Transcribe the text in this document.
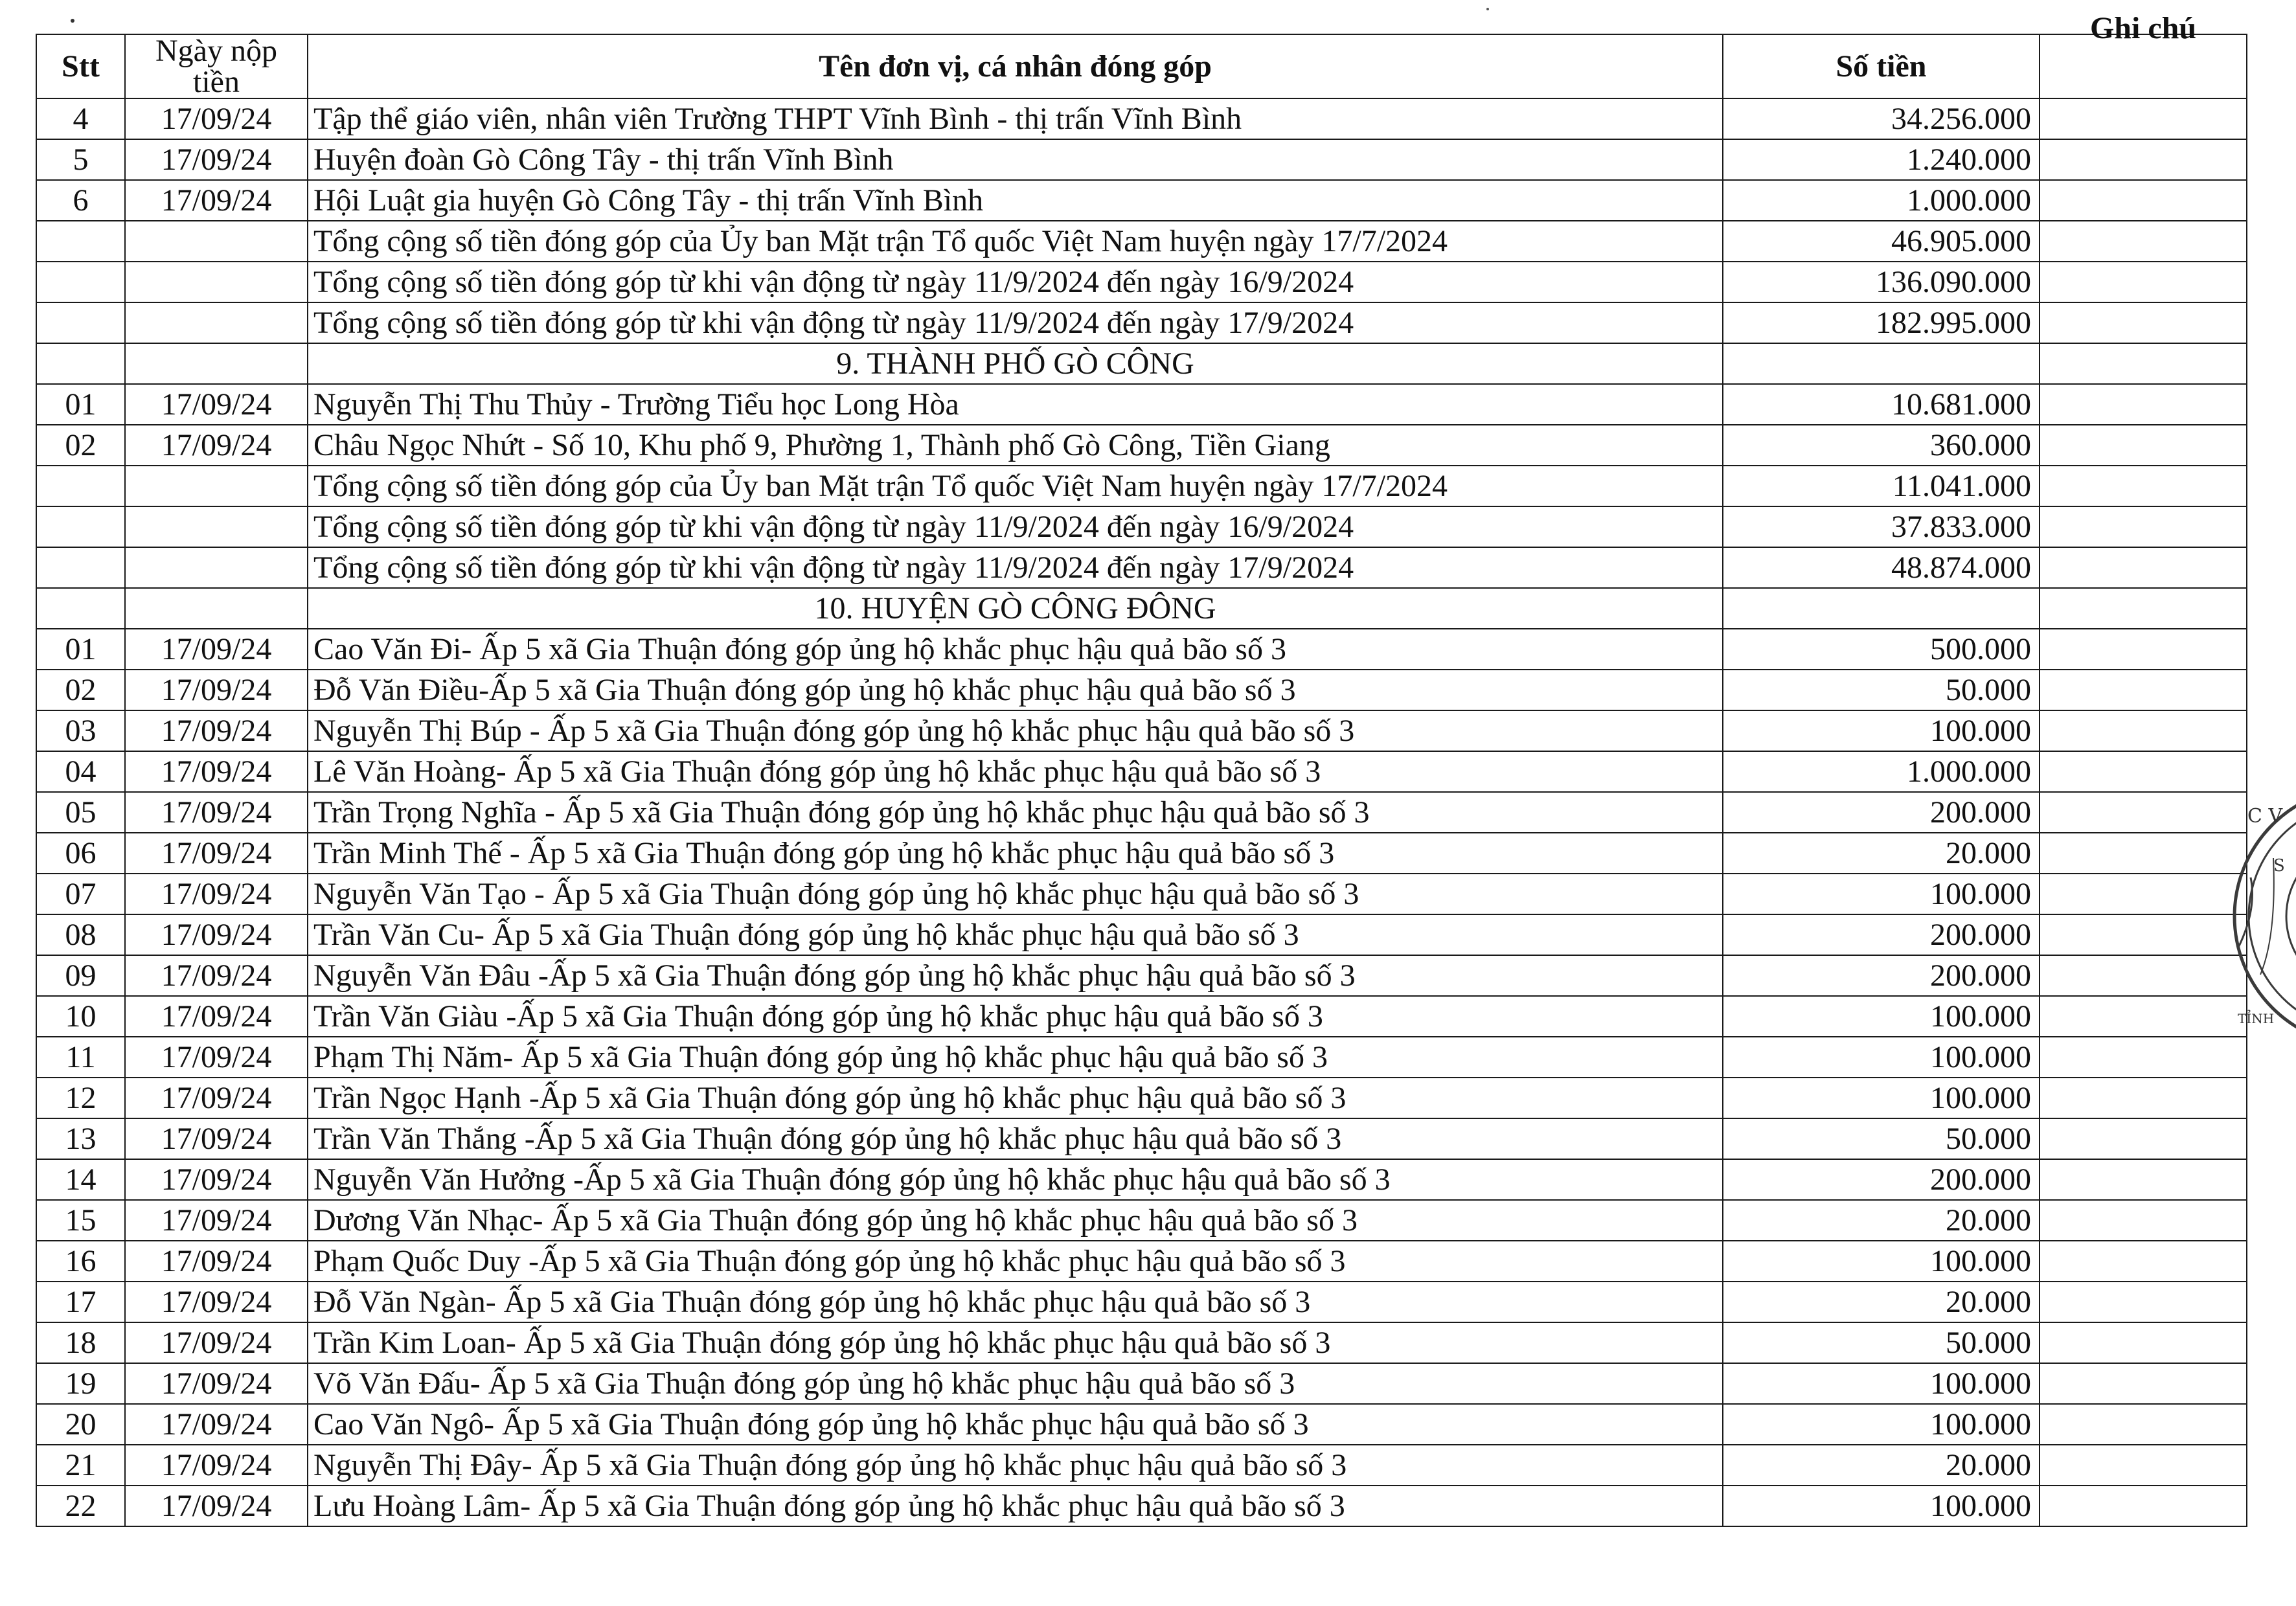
Stt	Ngày nộp tiền	Tên đơn vị, cá nhân đóng góp	Số tiền	Ghi chú

4	17/09/24	Tập thể giáo viên, nhân viên Trường THPT Vĩnh Bình - thị trấn Vĩnh Bình	34.256.000	
5	17/09/24	Huyện đoàn Gò Công Tây - thị trấn Vĩnh Bình	1.240.000	
6	17/09/24	Hội Luật gia huyện Gò Công Tây - thị trấn Vĩnh Bình	1.000.000	
		Tổng cộng số tiền đóng góp của Ủy ban Mặt trận Tổ quốc Việt Nam huyện ngày 17/7/2024	46.905.000	
		Tổng cộng số tiền đóng góp từ khi vận động từ ngày 11/9/2024 đến ngày 16/9/2024	136.090.000	
		Tổng cộng số tiền đóng góp từ khi vận động từ ngày 11/9/2024 đến ngày 17/9/2024	182.995.000	
		9. THÀNH PHỐ GÒ CÔNG		
01	17/09/24	Nguyễn Thị Thu Thủy - Trường Tiểu học Long Hòa	10.681.000	
02	17/09/24	Châu Ngọc Nhứt - Số 10, Khu phố 9, Phường 1, Thành phố Gò Công, Tiền Giang	360.000	
		Tổng cộng số tiền đóng góp của Ủy ban Mặt trận Tổ quốc Việt Nam huyện ngày 17/7/2024	11.041.000	
		Tổng cộng số tiền đóng góp từ khi vận động từ ngày 11/9/2024 đến ngày 16/9/2024	37.833.000	
		Tổng cộng số tiền đóng góp từ khi vận động từ ngày 11/9/2024 đến ngày 17/9/2024	48.874.000	
		10. HUYỆN GÒ CÔNG ĐÔNG		
01	17/09/24	Cao Văn Đi- Ấp 5 xã Gia Thuận đóng góp ủng hộ khắc phục hậu quả bão số 3	500.000	
02	17/09/24	Đỗ Văn Điều-Ấp 5 xã Gia Thuận đóng góp ủng hộ khắc phục hậu quả bão số 3	50.000	
03	17/09/24	Nguyễn Thị Búp - Ấp 5 xã Gia Thuận đóng góp ủng hộ khắc phục hậu quả bão số 3	100.000	
04	17/09/24	Lê Văn Hoàng- Ấp 5 xã Gia Thuận đóng góp ủng hộ khắc phục hậu quả bão số 3	1.000.000	
05	17/09/24	Trần Trọng Nghĩa - Ấp 5 xã Gia Thuận đóng góp ủng hộ khắc phục hậu quả bão số 3	200.000	
06	17/09/24	Trần Minh Thế - Ấp 5 xã Gia Thuận đóng góp ủng hộ khắc phục hậu quả bão số 3	20.000	
07	17/09/24	Nguyễn Văn Tạo - Ấp 5 xã Gia Thuận đóng góp ủng hộ khắc phục hậu quả bão số 3	100.000	
08	17/09/24	Trần Văn Cu- Ấp 5 xã Gia Thuận đóng góp ủng hộ khắc phục hậu quả bão số 3	200.000	
09	17/09/24	Nguyễn Văn Đâu -Ấp 5 xã Gia Thuận đóng góp ủng hộ khắc phục hậu quả bão số 3	200.000	
10	17/09/24	Trần Văn Giàu -Ấp 5 xã Gia Thuận đóng góp ủng hộ khắc phục hậu quả bão số 3	100.000	
11	17/09/24	Phạm Thị Năm- Ấp 5 xã Gia Thuận đóng góp ủng hộ khắc phục hậu quả bão số 3	100.000	
12	17/09/24	Trần Ngọc Hạnh -Ấp 5 xã Gia Thuận đóng góp ủng hộ khắc phục hậu quả bão số 3	100.000	
13	17/09/24	Trần Văn Thắng -Ấp 5 xã Gia Thuận đóng góp ủng hộ khắc phục hậu quả bão số 3	50.000	
14	17/09/24	Nguyễn Văn Hưởng -Ấp 5 xã Gia Thuận đóng góp ủng hộ khắc phục hậu quả bão số 3	200.000	
15	17/09/24	Dương Văn Nhạc- Ấp 5 xã Gia Thuận đóng góp ủng hộ khắc phục hậu quả bão số 3	20.000	
16	17/09/24	Phạm Quốc Duy -Ấp 5 xã Gia Thuận đóng góp ủng hộ khắc phục hậu quả bão số 3	100.000	
17	17/09/24	Đỗ Văn Ngàn- Ấp 5 xã Gia Thuận đóng góp ủng hộ khắc phục hậu quả bão số 3	20.000	
18	17/09/24	Trần Kim Loan- Ấp 5 xã Gia Thuận đóng góp ủng hộ khắc phục hậu quả bão số 3	50.000	
19	17/09/24	Võ Văn Đấu- Ấp 5 xã Gia Thuận đóng góp ủng hộ khắc phục hậu quả bão số 3	100.000	
20	17/09/24	Cao Văn Ngô- Ấp 5 xã Gia Thuận đóng góp ủng hộ khắc phục hậu quả bão số 3	100.000	
21	17/09/24	Nguyễn Thị Đây- Ấp 5 xã Gia Thuận đóng góp ủng hộ khắc phục hậu quả bão số 3	20.000	
22	17/09/24	Lưu Hoàng Lâm- Ấp 5 xã Gia Thuận đóng góp ủng hộ khắc phục hậu quả bão số 3	100.000	
C V
S
TỈNH
